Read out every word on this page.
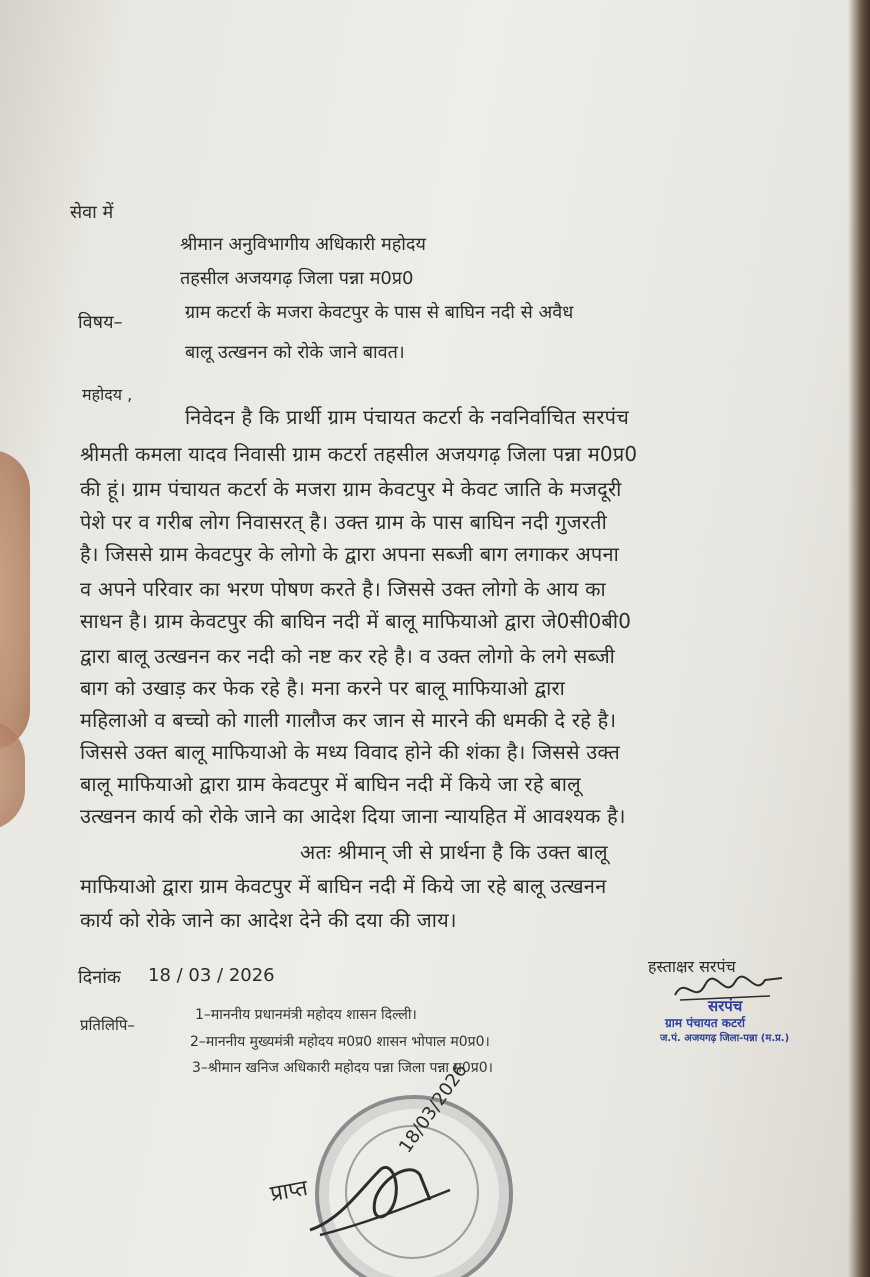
सेवा में
श्रीमान अनुविभागीय अधिकारी महोदय
तहसील अजयगढ़ जिला पन्ना म0प्र0
विषय–	ग्राम कटर्रा के मजरा केवटपुर के पास से बाघिन नदी से अवैध
बालू उत्खनन को रोके जाने बावत।
महोदय ,
निवेदन है कि प्रार्थी ग्राम पंचायत कटर्रा के नवनिर्वाचित सरपंच
श्रीमती कमला यादव निवासी ग्राम कटर्रा तहसील अजयगढ़ जिला पन्ना म0प्र0
की हूं। ग्राम पंचायत कटर्रा के मजरा ग्राम केवटपुर मे केवट जाति के मजदूरी
पेशे पर व गरीब लोग निवासरत् है। उक्त ग्राम के पास बाघिन नदी गुजरती
है। जिससे ग्राम केवटपुर के लोगो के द्वारा अपना सब्जी बाग लगाकर अपना
व अपने परिवार का भरण पोषण करते है। जिससे उक्त लोगो के आय का
साधन है। ग्राम केवटपुर की बाघिन नदी में बालू माफियाओ द्वारा जे0सी0बी0
द्वारा बालू उत्खनन कर नदी को नष्ट कर रहे है। व उक्त लोगो के लगे सब्जी
बाग को उखाड़ कर फेक रहे है। मना करने पर बालू माफियाओ द्वारा
महिलाओ व बच्चो को गाली गालौज कर जान से मारने की धमकी दे रहे है।
जिससे उक्त बालू माफियाओ के मध्य विवाद होने की शंका है। जिससे उक्त
बालू माफियाओ द्वारा ग्राम केवटपुर में बाघिन नदी में किये जा रहे बालू
उत्खनन कार्य को रोके जाने का आदेश दिया जाना न्यायहित में आवश्यक है।
अतः श्रीमान् जी से प्रार्थना है कि उक्त बालू
माफियाओ द्वारा ग्राम केवटपुर में बाघिन नदी में किये जा रहे बालू उत्खनन
कार्य को रोके जाने का आदेश देने की दया की जाय।
हस्ताक्षर सरपंच
दिनांक 18 / 03 / 2026
सरपंच
ग्राम पंचायत कटर्रा
ज.पं. अजयगढ़ जिला-पन्ना (म.प्र.)
प्रतिलिपि–
1–माननीय प्रधानमंत्री महोदय शासन दिल्ली।
2–माननीय मुख्यमंत्री महोदय म0प्र0 शासन भोपाल म0प्र0।
3–श्रीमान खनिज अधिकारी महोदय पन्ना जिला पन्ना म0प्र0।
प्राप्त
18/03/2026
